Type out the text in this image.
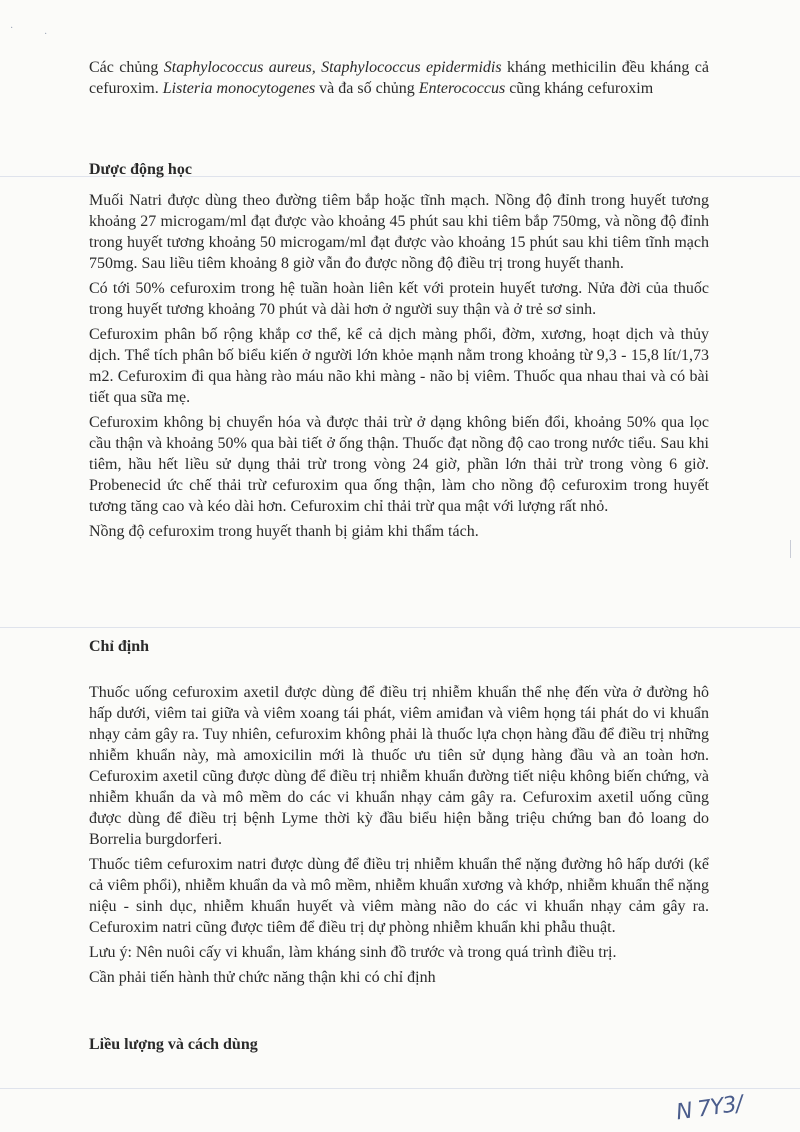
·
·

Các chủng Staphylococcus aureus, Staphylococcus epidermidis kháng methicilin đều kháng cả cefuroxim. Listeria monocytogenes và đa số chủng Enterococcus cũng kháng cefuroxim

Dược động học

Muối Natri được dùng theo đường tiêm bắp hoặc tĩnh mạch. Nồng độ đỉnh trong huyết tương khoảng 27 microgam/ml đạt được vào khoảng 45 phút sau khi tiêm bắp 750mg, và nồng độ đỉnh trong huyết tương khoảng 50 microgam/ml đạt được vào khoảng 15 phút sau khi tiêm tĩnh mạch 750mg. Sau liều tiêm khoảng 8 giờ vẫn đo được nồng độ điều trị trong huyết thanh.

Có tới 50% cefuroxim trong hệ tuần hoàn liên kết với protein huyết tương. Nửa đời của thuốc trong huyết tương khoảng 70 phút và dài hơn ở người suy thận và ở trẻ sơ sinh.

Cefuroxim phân bố rộng khắp cơ thể, kể cả dịch màng phổi, đờm, xương, hoạt dịch và thủy dịch. Thể tích phân bố biểu kiến ở người lớn khỏe mạnh nằm trong khoảng từ 9,3 - 15,8 lít/1,73 m2. Cefuroxim đi qua hàng rào máu não khi màng - não bị viêm. Thuốc qua nhau thai và có bài tiết qua sữa mẹ.

Cefuroxim không bị chuyển hóa và được thải trừ ở dạng không biến đổi, khoảng 50% qua lọc cầu thận và khoảng 50% qua bài tiết ở ống thận. Thuốc đạt nồng độ cao trong nước tiểu. Sau khi tiêm, hầu hết liều sử dụng thải trừ trong vòng 24 giờ, phần lớn thải trừ trong vòng 6 giờ. Probenecid ức chế thải trừ cefuroxim qua ống thận, làm cho nồng độ cefuroxim trong huyết tương tăng cao và kéo dài hơn. Cefuroxim chỉ thải trừ qua mật với lượng rất nhỏ.

Nồng độ cefuroxim trong huyết thanh bị giảm khi thẩm tách.

Chỉ định

Thuốc uống cefuroxim axetil được dùng để điều trị nhiễm khuẩn thể nhẹ đến vừa ở đường hô hấp dưới, viêm tai giữa và viêm xoang tái phát, viêm amiđan và viêm họng tái phát do vi khuẩn nhạy cảm gây ra. Tuy nhiên, cefuroxim không phải là thuốc lựa chọn hàng đầu để điều trị những nhiễm khuẩn này, mà amoxicilin mới là thuốc ưu tiên sử dụng hàng đầu và an toàn hơn. Cefuroxim axetil cũng được dùng để điều trị nhiễm khuẩn đường tiết niệu không biến chứng, và nhiễm khuẩn da và mô mềm do các vi khuẩn nhạy cảm gây ra. Cefuroxim axetil uống cũng được dùng để điều trị bệnh Lyme thời kỳ đầu biểu hiện bằng triệu chứng ban đỏ loang do Borrelia burgdorferi.

Thuốc tiêm cefuroxim natri được dùng để điều trị nhiễm khuẩn thể nặng đường hô hấp dưới (kể cả viêm phổi), nhiễm khuẩn da và mô mềm, nhiễm khuẩn xương và khớp, nhiễm khuẩn thể nặng niệu - sinh dục, nhiễm khuẩn huyết và viêm màng não do các vi khuẩn nhạy cảm gây ra. Cefuroxim natri cũng được tiêm để điều trị dự phòng nhiễm khuẩn khi phẫu thuật.

Lưu ý: Nên nuôi cấy vi khuẩn, làm kháng sinh đồ trước và trong quá trình điều trị.

Cần phải tiến hành thử chức năng thận khi có chỉ định

Liều lượng và cách dùng
N 7Y3/
